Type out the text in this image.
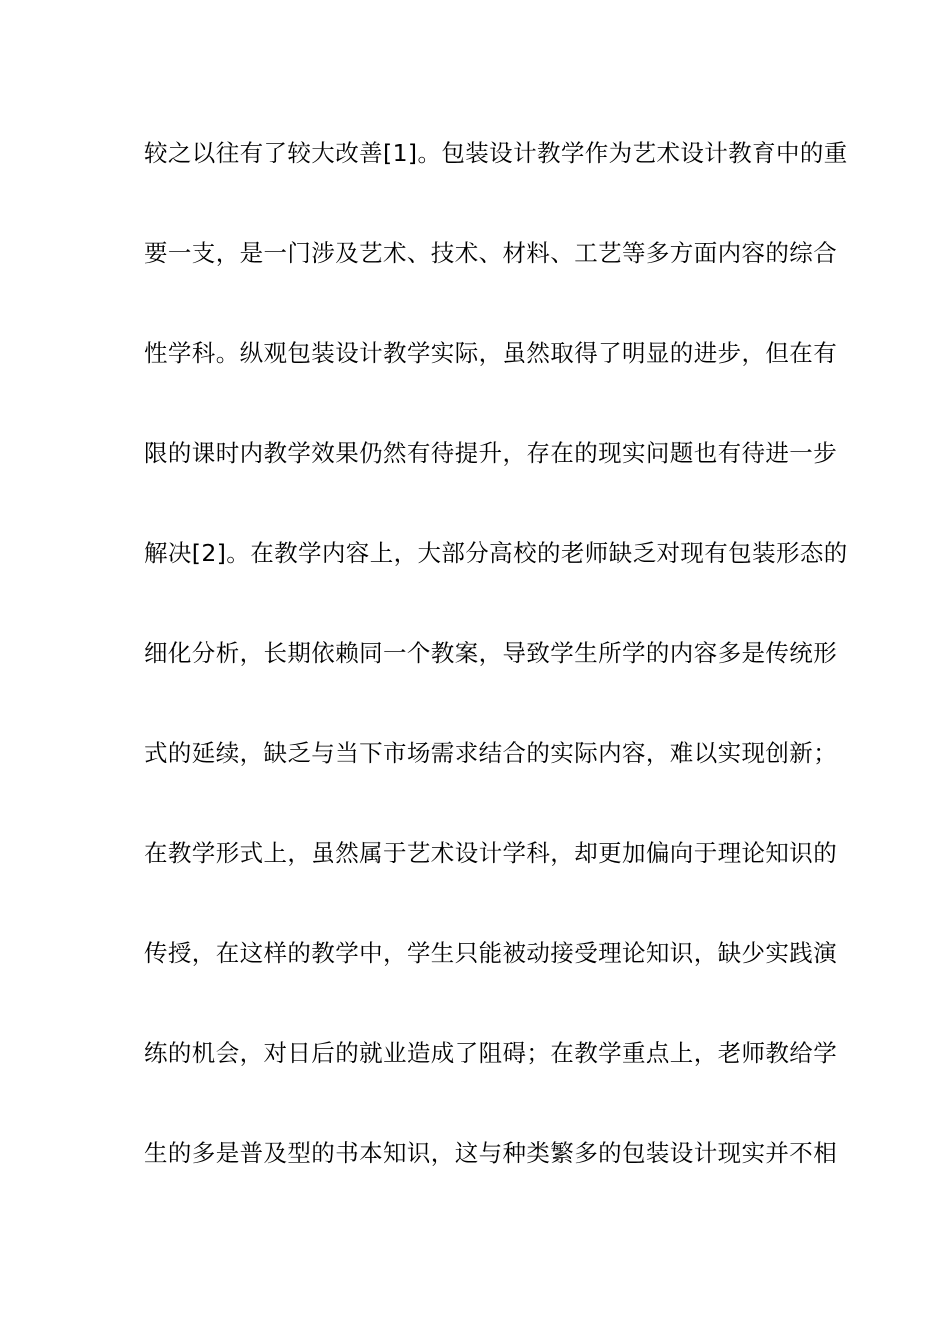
较之以往有了较大改善[1]。包装设计教学作为艺术设计教育中的重
要一支，是一门涉及艺术、技术、材料、工艺等多方面内容的综合
性学科。纵观包装设计教学实际，虽然取得了明显的进步，但在有
限的课时内教学效果仍然有待提升，存在的现实问题也有待进一步
解决[2]。在教学内容上，大部分高校的老师缺乏对现有包装形态的
细化分析，长期依赖同一个教案，导致学生所学的内容多是传统形
式的延续，缺乏与当下市场需求结合的实际内容，难以实现创新；
在教学形式上，虽然属于艺术设计学科，却更加偏向于理论知识的
传授，在这样的教学中，学生只能被动接受理论知识，缺少实践演
练的机会，对日后的就业造成了阻碍；在教学重点上，老师教给学
生的多是普及型的书本知识，这与种类繁多的包装设计现实并不相
